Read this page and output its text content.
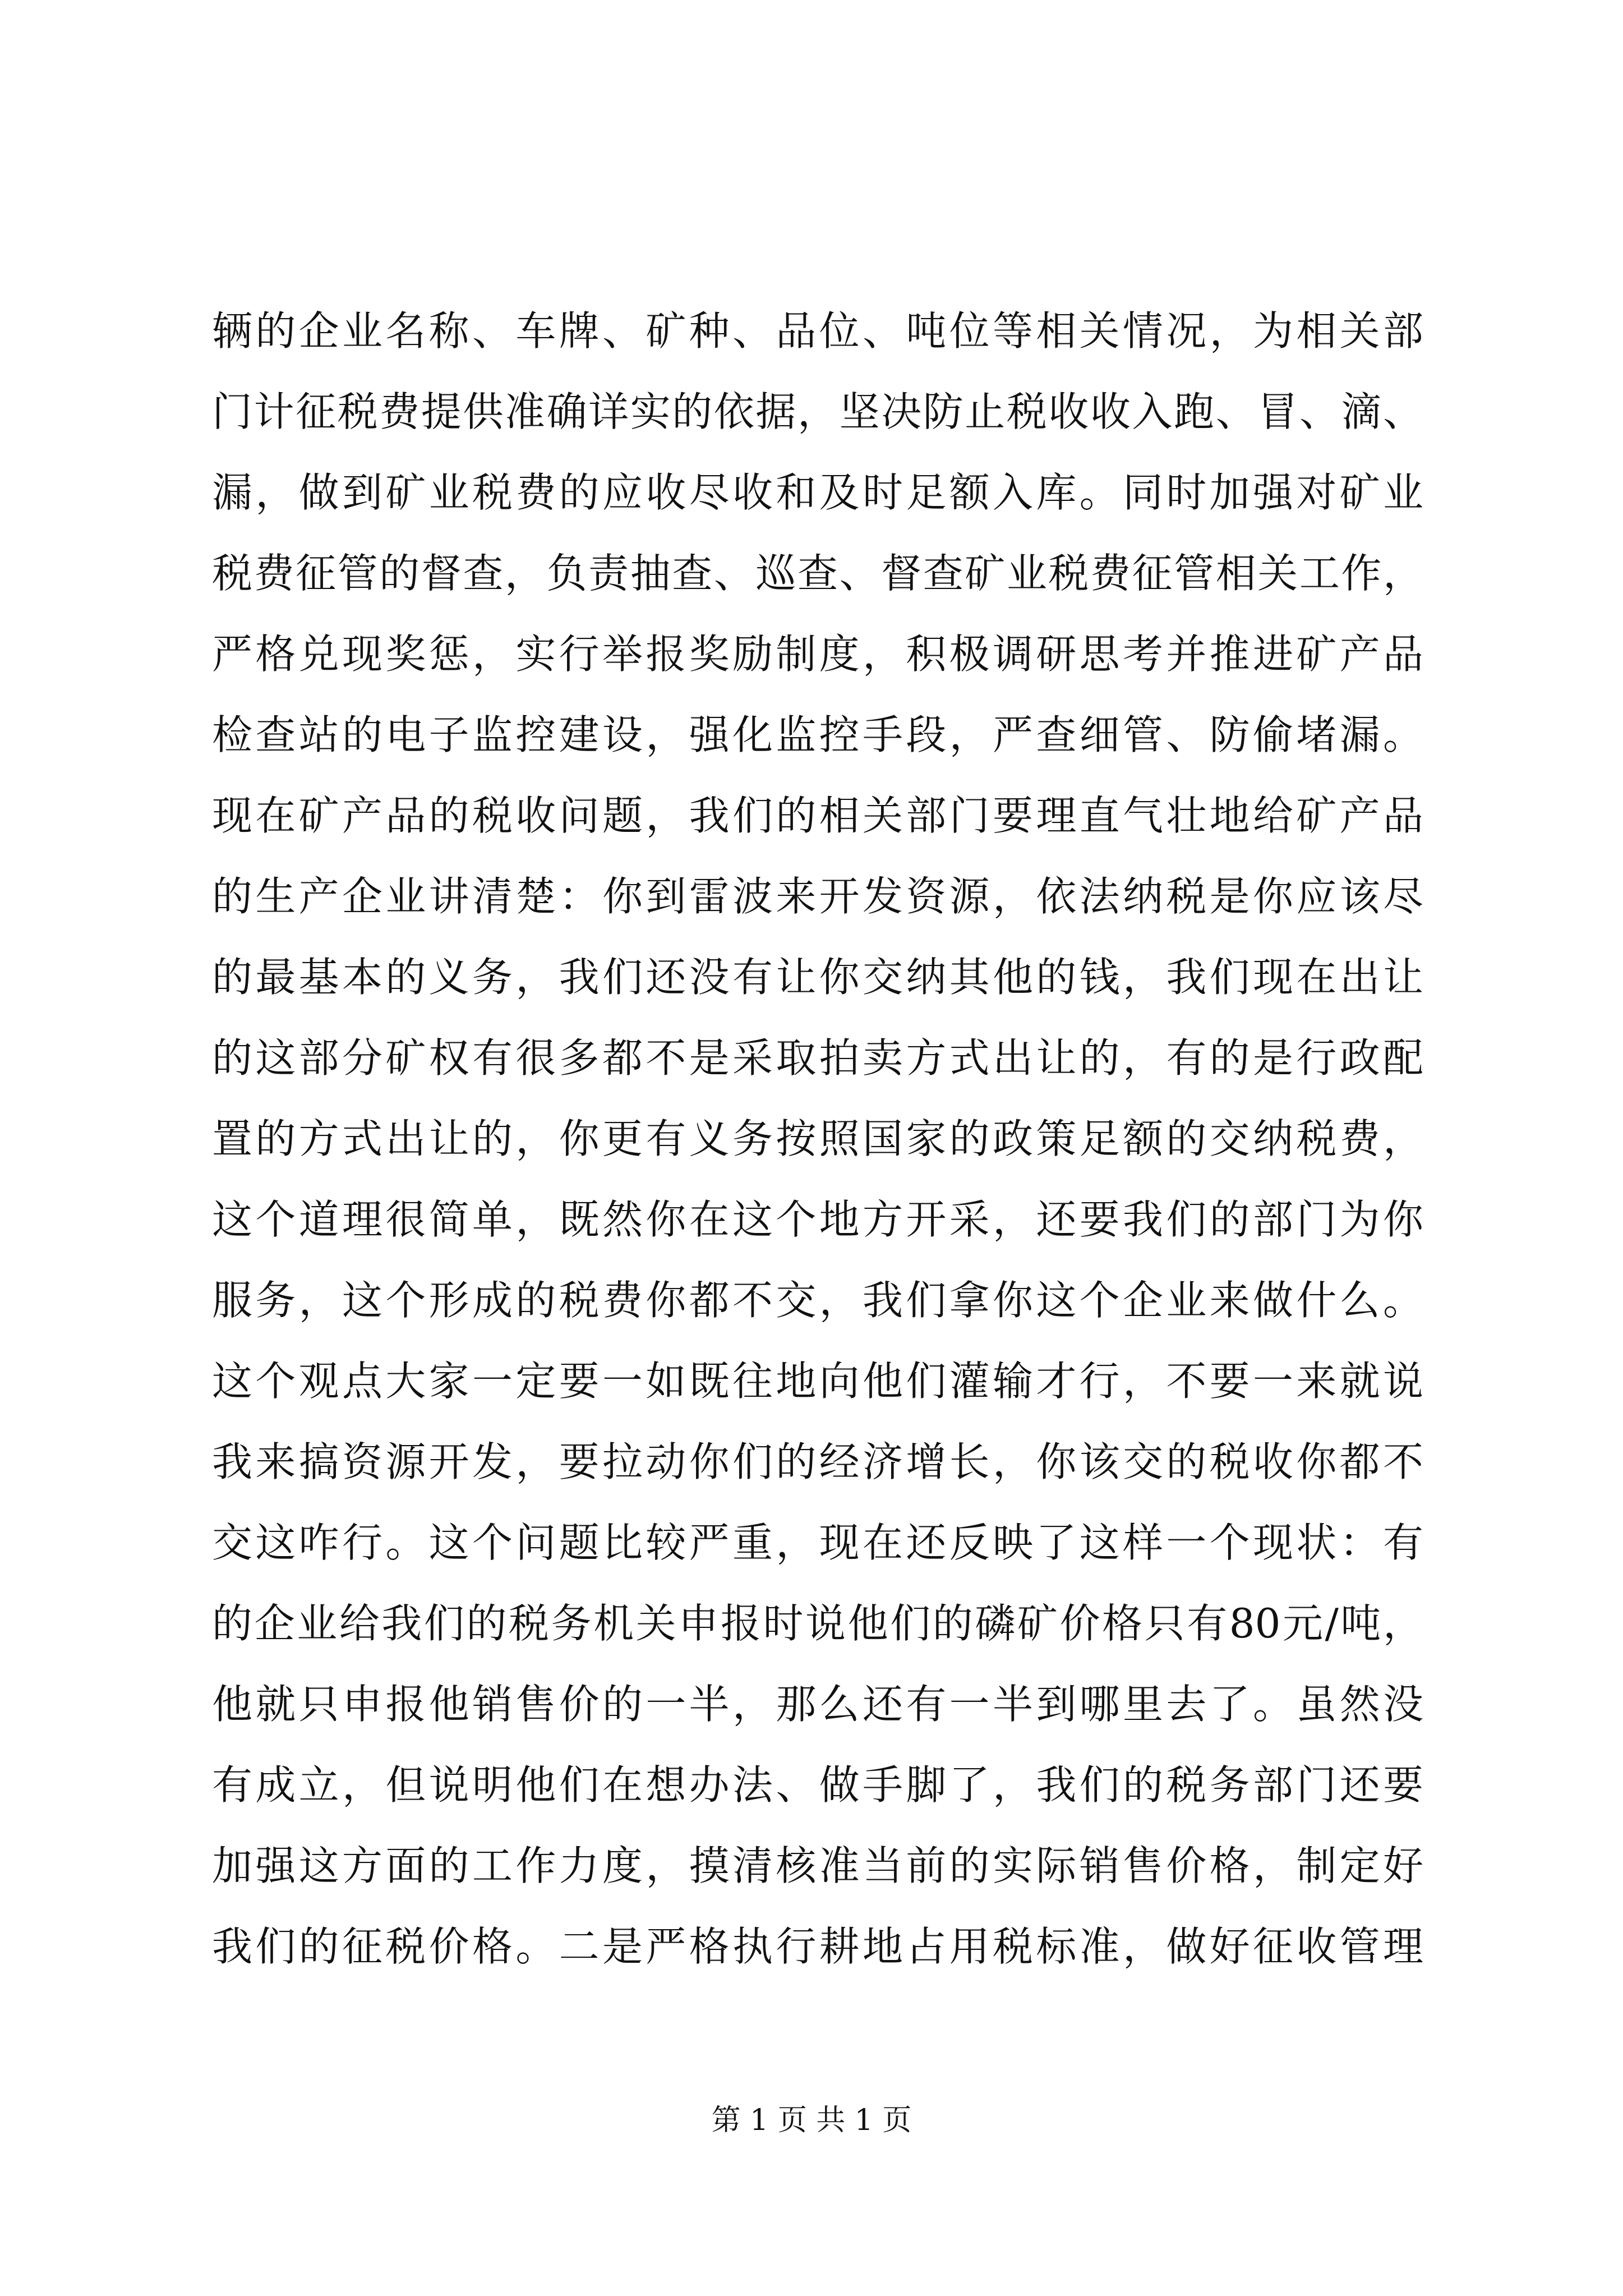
辆的企业名称、车牌、矿种、品位、吨位等相关情况，为相关部
门计征税费提供准确详实的依据，坚决防止税收收入跑、冒、滴、
漏，做到矿业税费的应收尽收和及时足额入库。同时加强对矿业
税费征管的督查，负责抽查、巡查、督查矿业税费征管相关工作，
严格兑现奖惩，实行举报奖励制度，积极调研思考并推进矿产品
检查站的电子监控建设，强化监控手段，严查细管、防偷堵漏。
现在矿产品的税收问题，我们的相关部门要理直气壮地给矿产品
的生产企业讲清楚：你到雷波来开发资源，依法纳税是你应该尽
的最基本的义务，我们还没有让你交纳其他的钱，我们现在出让
的这部分矿权有很多都不是采取拍卖方式出让的，有的是行政配
置的方式出让的，你更有义务按照国家的政策足额的交纳税费，
这个道理很简单，既然你在这个地方开采，还要我们的部门为你
服务，这个形成的税费你都不交，我们拿你这个企业来做什么。
这个观点大家一定要一如既往地向他们灌输才行，不要一来就说
我来搞资源开发，要拉动你们的经济增长，你该交的税收你都不
交这咋行。这个问题比较严重，现在还反映了这样一个现状：有
的企业给我们的税务机关申报时说他们的磷矿价格只有80元/吨，
他就只申报他销售价的一半，那么还有一半到哪里去了。虽然没
有成立，但说明他们在想办法、做手脚了，我们的税务部门还要
加强这方面的工作力度，摸清核准当前的实际销售价格，制定好
我们的征税价格。二是严格执行耕地占用税标准，做好征收管理
第 1 页 共 1 页
